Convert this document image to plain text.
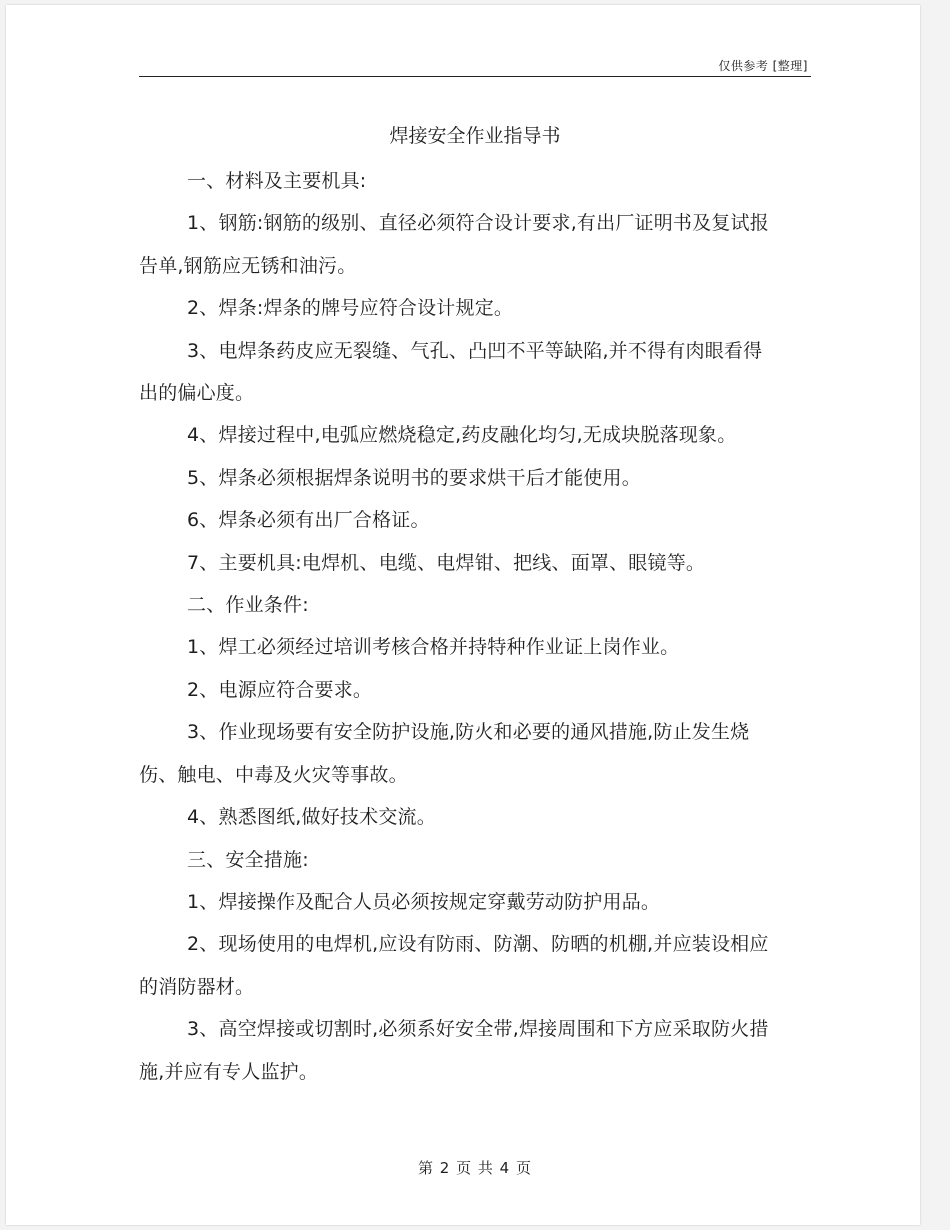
仅供参考 [整理]
焊接安全作业指导书

一、材料及主要机具:

1、钢筋:钢筋的级别、直径必须符合设计要求,有出厂证明书及复试报告单,钢筋应无锈和油污。

2、焊条:焊条的牌号应符合设计规定。

3、电焊条药皮应无裂缝、气孔、凸凹不平等缺陷,并不得有肉眼看得出的偏心度。

4、焊接过程中,电弧应燃烧稳定,药皮融化均匀,无成块脱落现象。

5、焊条必须根据焊条说明书的要求烘干后才能使用。

6、焊条必须有出厂合格证。

7、主要机具:电焊机、电缆、电焊钳、把线、面罩、眼镜等。

二、作业条件:

1、焊工必须经过培训考核合格并持特种作业证上岗作业。

2、电源应符合要求。

3、作业现场要有安全防护设施,防火和必要的通风措施,防止发生烧伤、触电、中毒及火灾等事故。

4、熟悉图纸,做好技术交流。

三、安全措施:

1、焊接操作及配合人员必须按规定穿戴劳动防护用品。

2、现场使用的电焊机,应设有防雨、防潮、防晒的机棚,并应装设相应的消防器材。

3、高空焊接或切割时,必须系好安全带,焊接周围和下方应采取防火措施,并应有专人监护。

第 2 页 共 4 页
